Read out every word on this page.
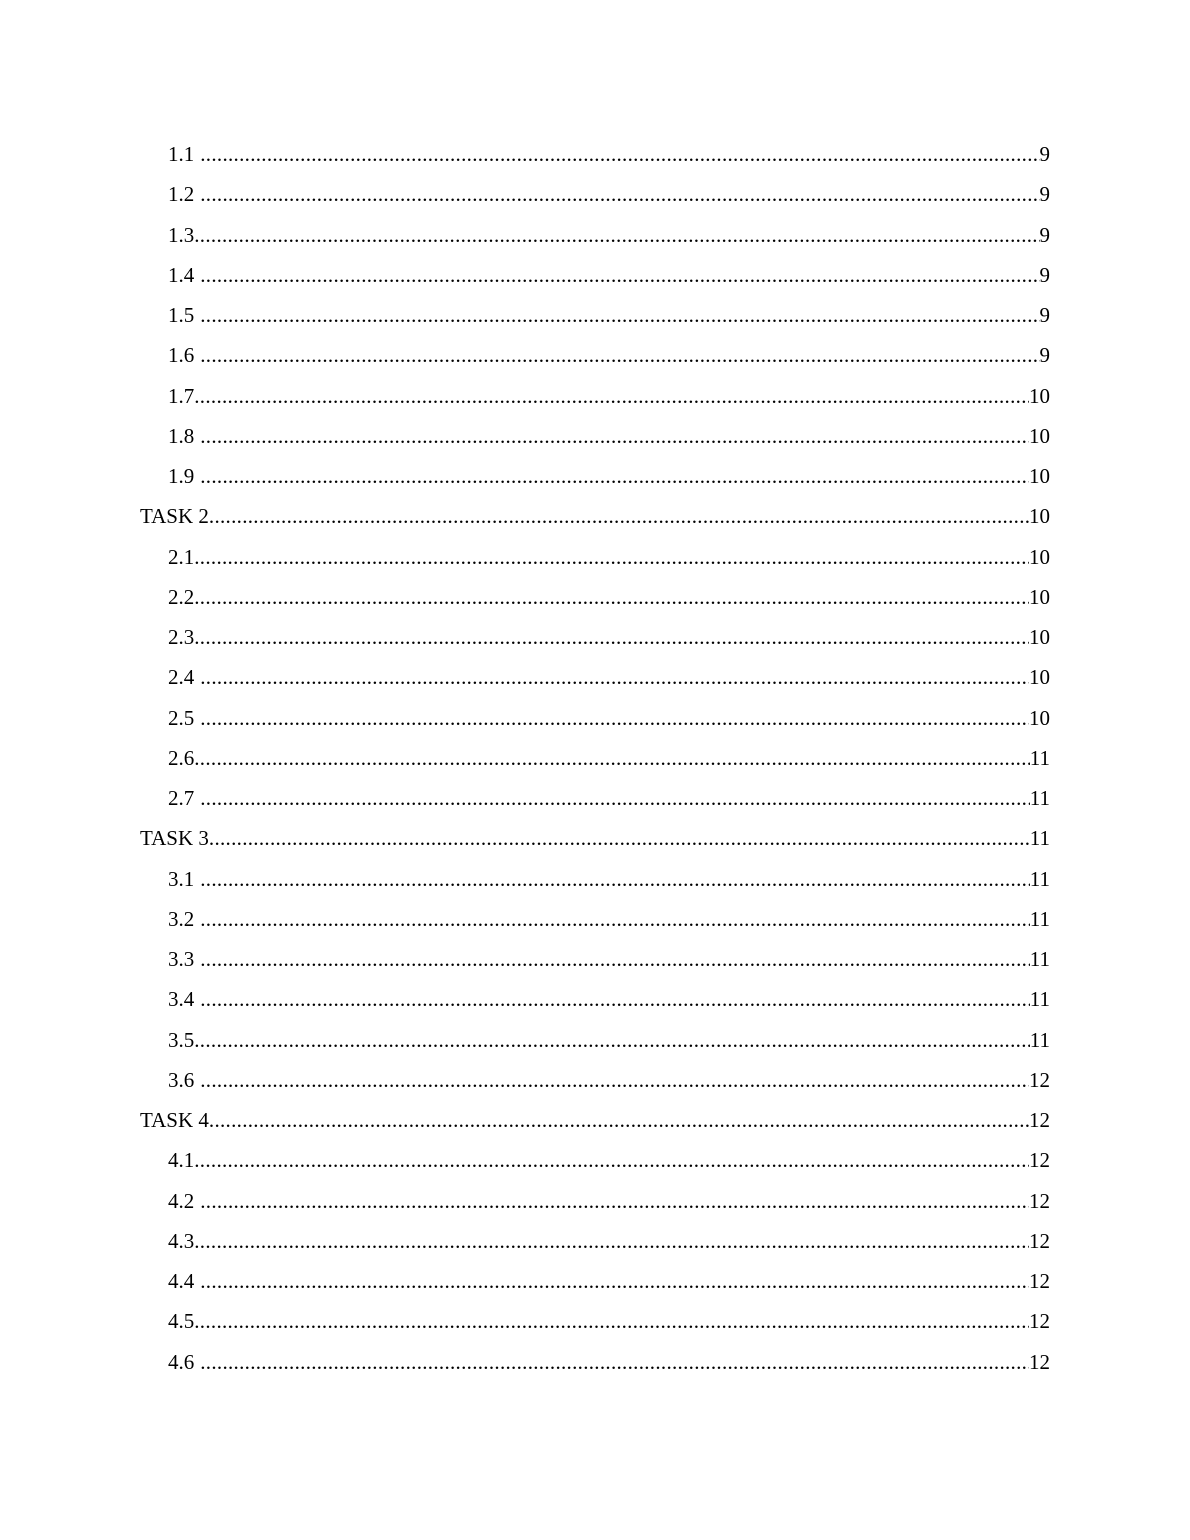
1.1 .....	9
1.2 .....	9
1.3 .....	9
1.4 .....	9
1.5 .....	9
1.6 .....	9
1.7 .....	10
1.8 .....	10
1.9 .....	10
TASK 2 .....	10
2.1 .....	10
2.2 .....	10
2.3 .....	10
2.4 .....	10
2.5 .....	10
2.6 .....	11
2.7 .....	11
TASK 3 .....	11
3.1 .....	11
3.2 .....	11
3.3 .....	11
3.4 .....	11
3.5 .....	11
3.6 .....	12
TASK 4 .....	12
4.1 .....	12
4.2 .....	12
4.3 .....	12
4.4 .....	12
4.5 .....	12
4.6 .....	12
